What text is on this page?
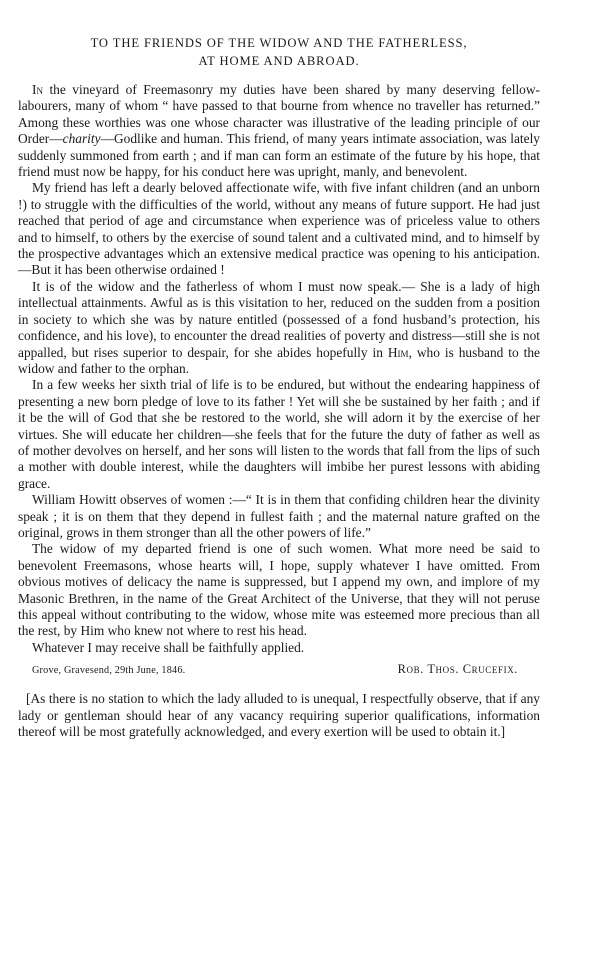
TO THE FRIENDS OF THE WIDOW AND THE FATHERLESS,
AT HOME AND ABROAD.

In the vineyard of Freemasonry my duties have been shared by many deserving fellow-labourers, many of whom “ have passed to that bourne from whence no traveller has returned.” Among these worthies was one whose character was illustrative of the leading principle of our Order—charity—Godlike and human. This friend, of many years intimate association, was lately suddenly summoned from earth ; and if man can form an estimate of the future by his hope, that friend must now be happy, for his conduct here was upright, manly, and benevolent.

My friend has left a dearly beloved affectionate wife, with five infant children (and an unborn !) to struggle with the difficulties of the world, without any means of future support. He had just reached that period of age and circumstance when experience was of priceless value to others and to himself, to others by the exercise of sound talent and a cultivated mind, and to himself by the prospective advantages which an extensive medical practice was opening to his anticipation.—But it has been otherwise ordained !

It is of the widow and the fatherless of whom I must now speak.— She is a lady of high intellectual attainments. Awful as is this visitation to her, reduced on the sudden from a position in society to which she was by nature entitled (possessed of a fond husband’s protection, his confidence, and his love), to encounter the dread realities of poverty and distress—still she is not appalled, but rises superior to despair, for she abides hopefully in Him, who is husband to the widow and father to the orphan.

In a few weeks her sixth trial of life is to be endured, but without the endearing happiness of presenting a new born pledge of love to its father ! Yet will she be sustained by her faith ; and if it be the will of God that she be restored to the world, she will adorn it by the exercise of her virtues. She will educate her children—she feels that for the future the duty of father as well as of mother devolves on herself, and her sons will listen to the words that fall from the lips of such a mother with double interest, while the daughters will imbibe her purest lessons with abiding grace.

William Howitt observes of women :—“ It is in them that confiding children hear the divinity speak ; it is on them that they depend in fullest faith ; and the maternal nature grafted on the original, grows in them stronger than all the other powers of life.”

The widow of my departed friend is one of such women. What more need be said to benevolent Freemasons, whose hearts will, I hope, supply whatever I have omitted. From obvious motives of delicacy the name is suppressed, but I append my own, and implore of my Masonic Brethren, in the name of the Great Architect of the Universe, that they will not peruse this appeal without contributing to the widow, whose mite was esteemed more precious than all the rest, by Him who knew not where to rest his head.

Whatever I may receive shall be faithfully applied.

Grove, Gravesend, 29th June, 1846.	Rob. Thos. Crucefix.

[As there is no station to which the lady alluded to is unequal, I respectfully observe, that if any lady or gentleman should hear of any vacancy requiring superior qualifications, information thereof will be most gratefully acknowledged, and every exertion will be used to obtain it.]
